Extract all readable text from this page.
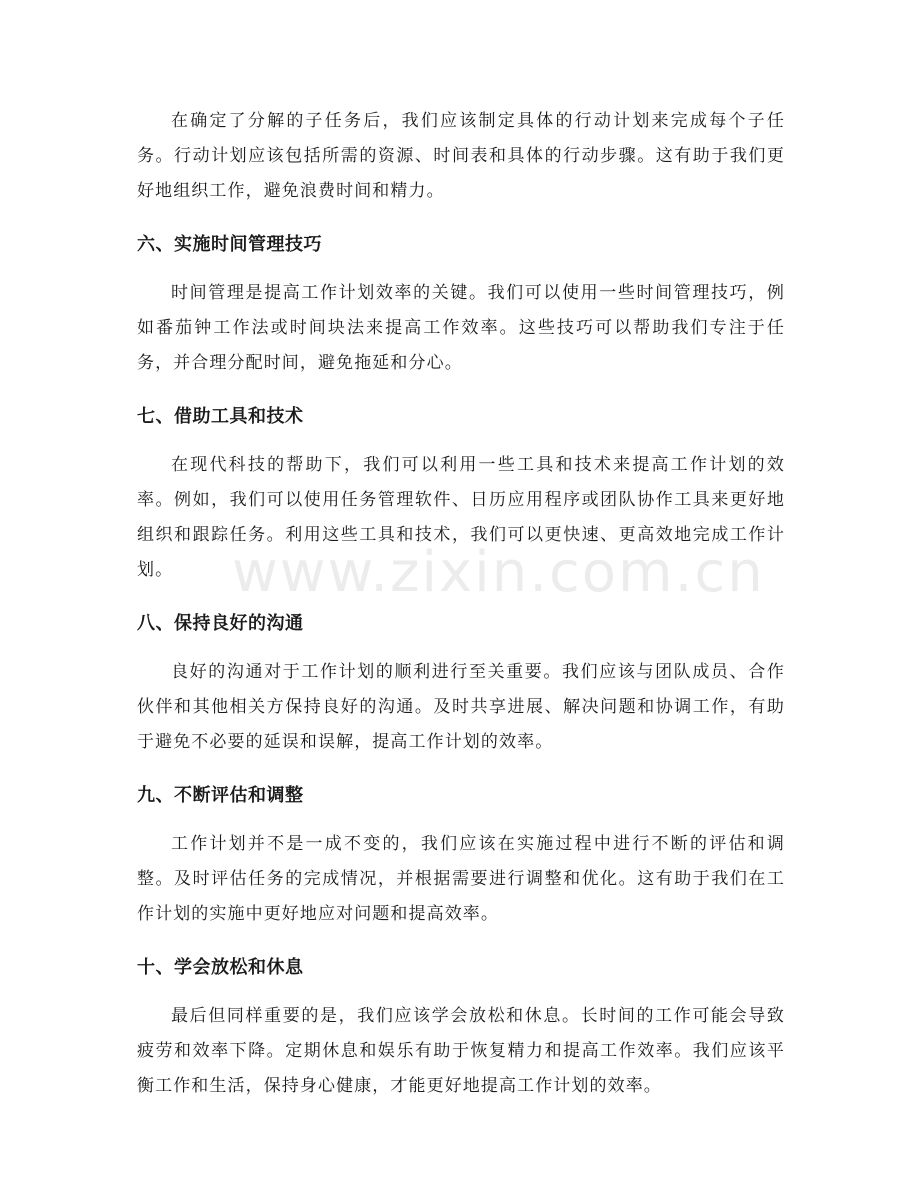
在确定了分解的子任务后，我们应该制定具体的行动计划来完成每个子任务。行动计划应该包括所需的资源、时间表和具体的行动步骤。这有助于我们更好地组织工作，避免浪费时间和精力。

六、实施时间管理技巧

时间管理是提高工作计划效率的关键。我们可以使用一些时间管理技巧，例如番茄钟工作法或时间块法来提高工作效率。这些技巧可以帮助我们专注于任务，并合理分配时间，避免拖延和分心。

七、借助工具和技术

在现代科技的帮助下，我们可以利用一些工具和技术来提高工作计划的效率。例如，我们可以使用任务管理软件、日历应用程序或团队协作工具来更好地组织和跟踪任务。利用这些工具和技术，我们可以更快速、更高效地完成工作计划。

八、保持良好的沟通

良好的沟通对于工作计划的顺利进行至关重要。我们应该与团队成员、合作伙伴和其他相关方保持良好的沟通。及时共享进展、解决问题和协调工作，有助于避免不必要的延误和误解，提高工作计划的效率。

九、不断评估和调整

工作计划并不是一成不变的，我们应该在实施过程中进行不断的评估和调整。及时评估任务的完成情况，并根据需要进行调整和优化。这有助于我们在工作计划的实施中更好地应对问题和提高效率。

十、学会放松和休息

最后但同样重要的是，我们应该学会放松和休息。长时间的工作可能会导致疲劳和效率下降。定期休息和娱乐有助于恢复精力和提高工作效率。我们应该平衡工作和生活，保持身心健康，才能更好地提高工作计划的效率。

www.zixin.com.cn
